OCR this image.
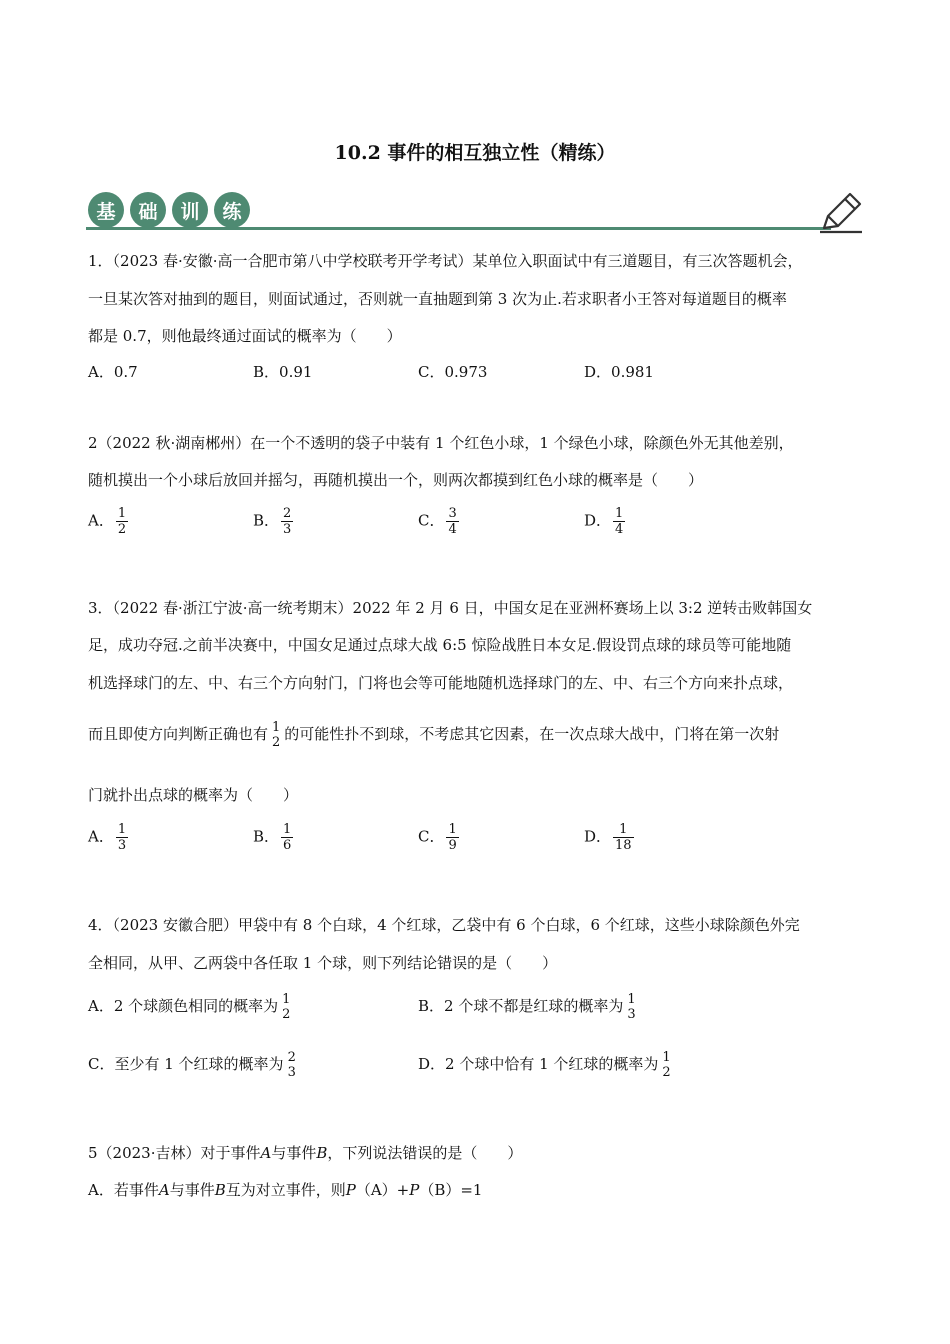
10.2 事件的相互独立性（精练）
基	础	训	练
1．（2023 春·安徽·高一合肥市第八中学校联考开学考试）某单位入职面试中有三道题目，有三次答题机会，
一旦某次答对抽到的题目，则面试通过，否则就一直抽题到第 3 次为止.若求职者小王答对每道题目的概率
都是 0.7，则他最终通过面试的概率为（　　）
A．0.7	B．0.91	C．0.973	D．0.981
2（2022 秋·湖南郴州）在一个不透明的袋子中装有 1 个红色小球，1 个绿色小球，除颜色外无其他差别，
随机摸出一个小球后放回并摇匀，再随机摸出一个，则两次都摸到红色小球的概率是（　　）
A． $\frac{1}{2}$	B． $\frac{2}{3}$	C． $\frac{3}{4}$	D． $\frac{1}{4}$
3．（2022 春·浙江宁波·高一统考期末）2022 年 2 月 6 日，中国女足在亚洲杯赛场上以 3:2 逆转击败韩国女
足，成功夺冠.之前半决赛中，中国女足通过点球大战 6:5 惊险战胜日本女足.假设罚点球的球员等可能地随
机选择球门的左、中、右三个方向射门，门将也会等可能地随机选择球门的左、中、右三个方向来扑点球，
而且即使方向判断正确也有 1
2 的可能性扑不到球，不考虑其它因素，在一次点球大战中，门将在第一次射
门就扑出点球的概率为（　　）
A． $\frac{1}{3}$	B． $\frac{1}{6}$	C． $\frac{1}{9}$	D． $\frac{1}{18}$
4．（2023 安徽合肥）甲袋中有 8 个白球，4 个红球，乙袋中有 6 个白球，6 个红球，这些小球除颜色外完
全相同，从甲、乙两袋中各任取 1 个球，则下列结论错误的是（　　）
A．2 个球颜色相同的概率为 1
2	B．2 个球不都是红球的概率为 1
3
C．至少有 1 个红球的概率为 2
3	D．2 个球中恰有 1 个红球的概率为 1
2
5（2023·吉林）对于事件A与事件B，下列说法错误的是（　　）
A．若事件A与事件B互为对立事件，则P（A）+P（B）=1
